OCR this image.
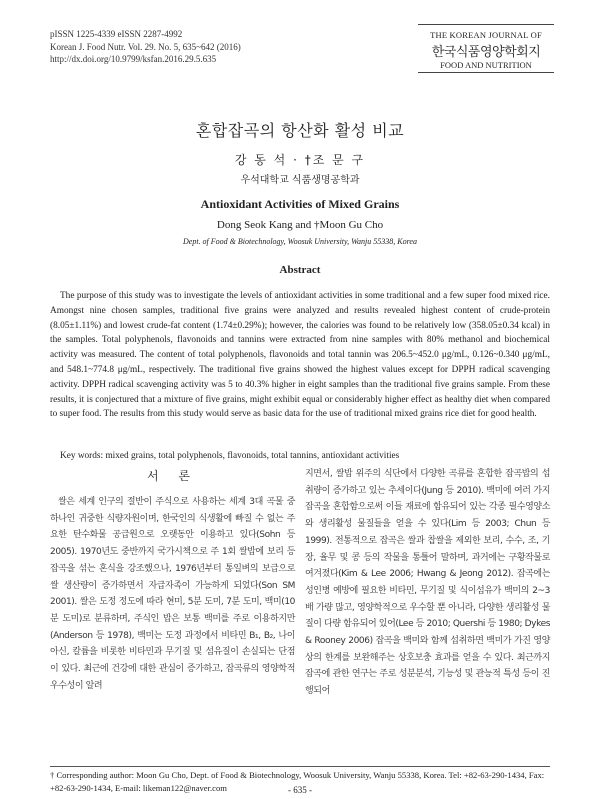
pISSN 1225-4339 eISSN 2287-4992
Korean J. Food Nutr. Vol. 29. No. 5, 635~642 (2016)
http://dx.doi.org/10.9799/ksfan.2016.29.5.635
THE KOREAN JOURNAL OF
한국식품영양학회지
FOOD AND NUTRITION
혼합잡곡의 항산화 활성 비교
강 동 석 · †조 문 구
우석대학교 식품생명공학과
Antioxidant Activities of Mixed Grains
Dong Seok Kang and †Moon Gu Cho
Dept. of Food & Biotechnology, Woosuk University, Wanju 55338, Korea
Abstract

The purpose of this study was to investigate the levels of antioxidant activities in some traditional and a few super food mixed rice. Amongst nine chosen samples, traditional five grains were analyzed and results revealed highest content of crude-protein (8.05±1.11%) and lowest crude-fat content (1.74±0.29%); however, the calories was found to be relatively low (358.05±0.34 kcal) in the samples. Total polyphenols, flavonoids and tannins were extracted from nine samples with 80% methanol and biochemical activity was measured. The content of total polyphenols, flavonoids and total tannin was 206.5~452.0 μg/mL, 0.126~0.340 μg/mL, and 548.1~774.8 μg/mL, respectively. The traditional five grains showed the highest values except for DPPH radical scavenging activity. DPPH radical scavenging activity was 5 to 40.3% higher in eight samples than the traditional five grains sample. From these results, it is conjectured that a mixture of five grains, might exhibit equal or considerably higher effect as healthy diet when compared to super food. The results from this study would serve as basic data for the use of traditional mixed grains rice diet for good health.

Key words: mixed grains, total polyphenols, flavonoids, total tannins, antioxidant activities
서 론

쌀은 세계 인구의 절반이 주식으로 사용하는 세계 3대 곡물 중 하나인 귀중한 식량자원이며, 한국인의 식생활에 빠질 수 없는 주요한 탄수화물 공급원으로 오랫동안 이용하고 있다(Sohn 등 2005). 1970년도 중반까지 국가시책으로 주 1회 쌀밥에 보리 등 잡곡을 섞는 혼식을 강조했으나, 1976년부터 통일벼의 보급으로 쌀 생산량이 증가하면서 자급자족이 가능하게 되었다(Son SM 2001). 쌀은 도정 정도에 따라 현미, 5분 도미, 7분 도미, 백미(10분 도미)로 분류하며, 주식인 밥은 보통 백미를 주로 이용하지만(Anderson 등 1978), 백미는 도정 과정에서 비타민 B₁, B₂, 나이아신, 칼륨을 비롯한 비타민과 무기질 및 섬유질이 손실되는 단점이 있다. 최근에 건강에 대한 관심이 증가하고, 잡곡류의 영양학적 우수성이 알려

지면서, 쌀밥 위주의 식단에서 다양한 곡류를 혼합한 잡곡밥의 섭취량이 증가하고 있는 추세이다(Jung 등 2010). 백미에 여러 가지 잡곡을 혼합함으로써 이들 재료에 함유되어 있는 각종 필수영양소와 생리활성 물질들을 얻을 수 있다(Lim 등 2003; Chun 등 1999). 전통적으로 잡곡은 쌀과 찹쌀을 제외한 보리, 수수, 조, 기장, 율무 및 콩 등의 작물을 통틀어 말하며, 과거에는 구황작물로 여겨졌다(Kim & Lee 2006; Hwang & Jeong 2012). 잡곡에는 성인병 예방에 필요한 비타민, 무기질 및 식이섬유가 백미의 2~3배 가량 많고, 영양학적으로 우수할 뿐 아니라, 다양한 생리활성 물질이 다량 함유되어 있어(Lee 등 2010; Quershi 등 1980; Dykes & Rooney 2006) 잡곡을 백미와 함께 섭취하면 백미가 가진 영양상의 한계를 보완해주는 상호보충 효과를 얻을 수 있다. 최근까지 잡곡에 관한 연구는 주로 성분분석, 기능성 및 관능적 특성 등이 진행되어

† Corresponding author: Moon Gu Cho, Dept. of Food & Biotechnology, Woosuk University, Wanju 55338, Korea. Tel: +82-63-290-1434, Fax: +82-63-290-1434, E-mail: likeman122@naver.com	- 635 -
